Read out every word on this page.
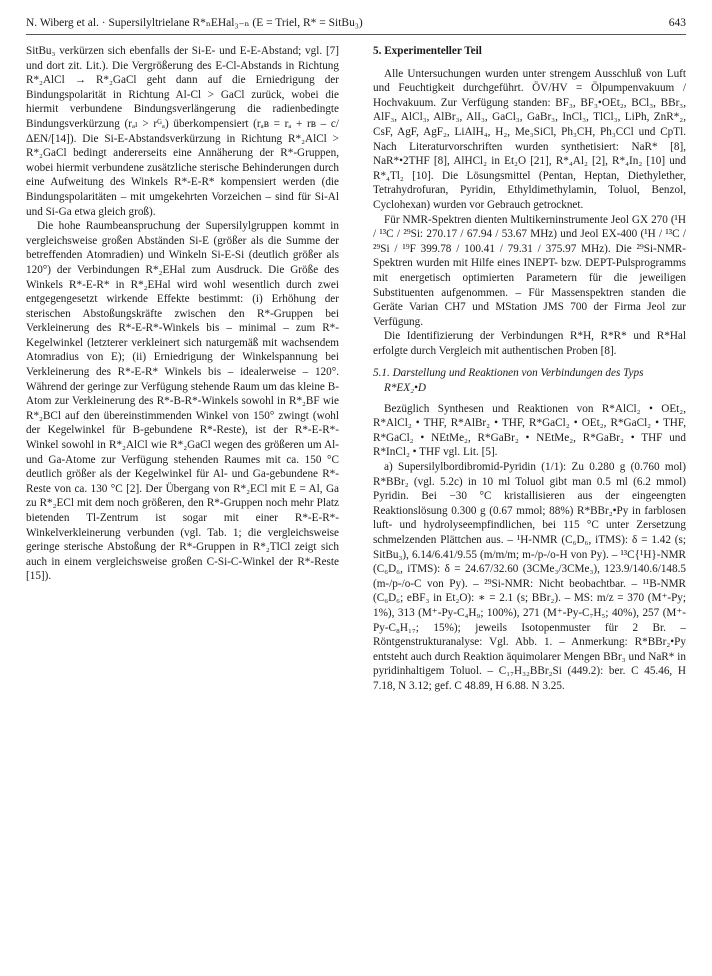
N. Wiberg et al. · Supersilyltrielane R*ₙEHal₃₋ₙ (E = Triel, R* = SitBu₃)	643

SitBu₃ verkürzen sich ebenfalls der Si-E- und E-E-Abstand; vgl. [7] und dort zit. Lit.). Die Vergrößerung des E-Cl-Abstands in Richtung R*₂AlCl → R*₂GaCl geht dann auf die Erniedrigung der Bindungspolarität in Richtung Al-Cl > GaCl zurück, wobei die hiermit verbundene Bindungsverlängerung die radienbedingte Bindungsverkürzung (rₐₗ > rᴳₐ) überkompensiert (rₐʙ = rₐ + rʙ – c/ΔEN/[14]). Die Si-E-Abstandsverkürzung in Richtung R*₂AlCl > R*₂GaCl bedingt andererseits eine Annäherung der R*-Gruppen, wobei hiermit verbundene zusätzliche sterische Behinderungen durch eine Aufweitung des Winkels R*-E-R* kompensiert werden (die Bindungspolaritäten – mit umgekehrten Vorzeichen – sind für Si-Al und Si-Ga etwa gleich groß).

Die hohe Raumbeanspruchung der Supersilylgruppen kommt in vergleichsweise großen Abständen Si-E (größer als die Summe der betreffenden Atomradien) und Winkeln Si-E-Si (deutlich größer als 120°) der Verbindungen R*₂EHal zum Ausdruck. Die Größe des Winkels R*-E-R* in R*₂EHal wird wohl wesentlich durch zwei entgegengesetzt wirkende Effekte bestimmt: (i) Erhöhung der sterischen Abstoßungskräfte zwischen den R*-Gruppen bei Verkleinerung des R*-E-R*-Winkels bis – minimal – zum R*-Kegelwinkel (letzterer verkleinert sich naturgemäß mit wachsendem Atomradius von E); (ii) Erniedrigung der Winkelspannung bei Verkleinerung des R*-E-R* Winkels bis – idealerweise – 120°. Während der geringe zur Verfügung stehende Raum um das kleine B-Atom zur Verkleinerung des R*-B-R*-Winkels sowohl in R*₂BF wie R*₂BCl auf den übereinstimmenden Winkel von 150° zwingt (wohl der Kegelwinkel für B-gebundene R*-Reste), ist der R*-E-R*-Winkel sowohl in R*₂AlCl wie R*₂GaCl wegen des größeren um Al- und Ga-Atome zur Verfügung stehenden Raumes mit ca. 150 °C deutlich größer als der Kegelwinkel für Al- und Ga-gebundene R*-Reste von ca. 130 °C [2]. Der Übergang von R*₂ECl mit E = Al, Ga zu R*₂ECl mit dem noch größeren, den R*-Gruppen noch mehr Platz bietenden Tl-Zentrum ist sogar mit einer R*-E-R*-Winkelverkleinerung verbunden (vgl. Tab. 1; die vergleichsweise geringe sterische Abstoßung der R*-Gruppen in R*₂TlCl zeigt sich auch in einem vergleichsweise großen C-Si-C-Winkel der R*-Reste [15]).

5. Experimenteller Teil

Alle Untersuchungen wurden unter strengem Ausschluß von Luft und Feuchtigkeit durchgeführt. ÖV/HV = Ölpumpenvakuum / Hochvakuum. Zur Verfügung standen: BF₃, BF₃•OEt₂, BCl₃, BBr₃, AlF₃, AlCl₃, AlBr₃, AlI₃, GaCl₃, GaBr₃, InCl₃, TlCl₃, LiPh, ZnR*₂, CsF, AgF, AgF₂, LiAlH₄, H₂, Me₃SiCl, Ph₃CH, Ph₃CCl und CpTl. Nach Literaturvorschriften wurden synthetisiert: NaR* [8], NaR*•2THF [8], AlHCl₂ in Et₂O [21], R*₄Al₂ [2], R*₄In₂ [10] und R*₄Tl₂ [10]. Die Lösungsmittel (Pentan, Heptan, Diethylether, Tetrahydrofuran, Pyridin, Ethyldimethylamin, Toluol, Benzol, Cyclohexan) wurden vor Gebrauch getrocknet.

Für NMR-Spektren dienten Multikerninstrumente Jeol GX 270 (¹H / ¹³C / ²⁹Si: 270.17 / 67.94 / 53.67 MHz) und Jeol EX-400 (¹H / ¹³C / ²⁹Si / ¹⁹F 399.78 / 100.41 / 79.31 / 375.97 MHz). Die ²⁹Si-NMR-Spektren wurden mit Hilfe eines INEPT- bzw. DEPT-Pulsprogramms mit energetisch optimierten Parametern für die jeweiligen Substituenten aufgenommen. – Für Massenspektren standen die Geräte Varian CH7 und MStation JMS 700 der Firma Jeol zur Verfügung.

Die Identifizierung der Verbindungen R*H, R*R* und R*Hal erfolgte durch Vergleich mit authentischen Proben [8].

5.1. Darstellung und Reaktionen von Verbindungen des Typs R*EX₂•D

Bezüglich Synthesen und Reaktionen von R*AlCl₂ • OEt₂, R*AlCl₂ • THF, R*AlBr₂ • THF, R*GaCl₂ • OEt₂, R*GaCl₂ • THF, R*GaCl₂ • NEtMe₂, R*GaBr₂ • NEtMe₂, R*GaBr₂ • THF und R*InCl₂ • THF vgl. Lit. [5].

a) Supersilylbordibromid-Pyridin (1/1): Zu 0.280 g (0.760 mol) R*BBr₂ (vgl. 5.2c) in 10 ml Toluol gibt man 0.5 ml (6.2 mmol) Pyridin. Bei −30 °C kristallisieren aus der eingeengten Reaktionslösung 0.300 g (0.67 mmol; 88%) R*BBr₂•Py in farblosen luft- und hydrolyseempfindlichen, bei 115 °C unter Zersetzung schmelzenden Plättchen aus. – ¹H-NMR (C₆D₆, iTMS): δ = 1.42 (s; SitBu₃), 6.14/6.41/9.55 (m/m/m; m-/p-/o-H von Py). – ¹³C{¹H}-NMR (C₆D₆, iTMS): δ = 24.67/32.60 (3CMe₃/3CMe₃), 123.9/140.6/148.5 (m-/p-/o-C von Py). – ²⁹Si-NMR: Nicht beobachtbar. – ¹¹B-NMR (C₆D₆; eBF₃ in Et₂O): ∗ = 2.1 (s; BBr₂). – MS: m/z = 370 (M⁺-Py; 1%), 313 (M⁺-Py-C₄H₉; 100%), 271 (M⁺-Py-C₇H₅; 40%), 257 (M⁺-Py-C₈H₁₇; 15%); jeweils Isotopenmuster für 2 Br. – Röntgenstrukturanalyse: Vgl. Abb. 1. – Anmerkung: R*BBr₂•Py entsteht auch durch Reaktion äquimolarer Mengen BBr₃ und NaR* in pyridinhaltigem Toluol. – C₁₇H₃₂BBr₂Si (449.2): ber. C 45.46, H 7.18, N 3.12; gef. C 48.89, H 6.88. N 3.25.
